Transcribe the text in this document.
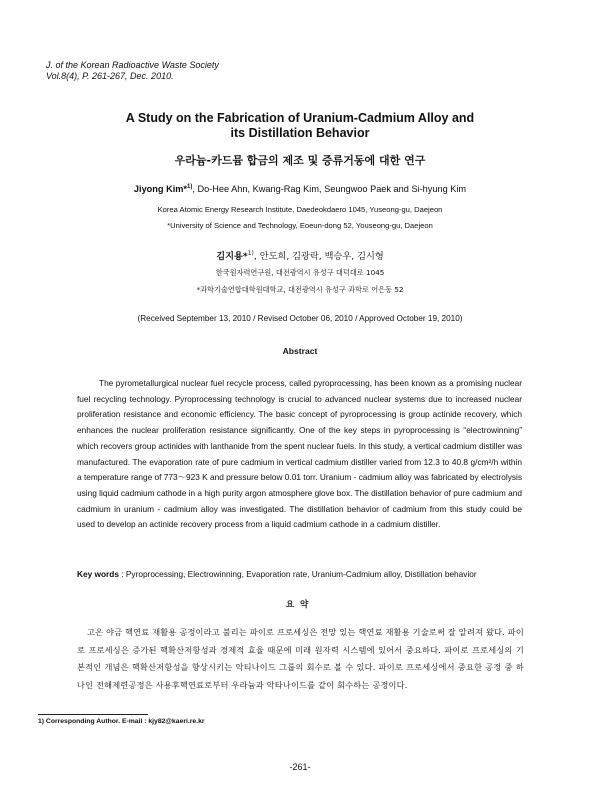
J. of the Korean Radioactive Waste Society
Vol.8(4), P. 261-267, Dec. 2010.
A Study on the Fabrication of Uranium-Cadmium Alloy and
its Distillation Behavior
우라늄-카드뮴 합금의 제조 및 증류거동에 대한 연구
Jiyong Kim*$^{1)}$, Do-Hee Ahn, Kwang-Rag Kim, Seungwoo Paek and Si-hyung Kim
Korea Atomic Energy Research Institute, Daedeokdaero 1045, Yuseong-gu, Daejeon
*University of Science and Technology, Eoeun-dong 52, Youseong-gu, Daejeon
김지용*$^{1)}$, 안도희, 김광락, 백승우, 김시형
한국원자력연구원, 대전광역시 유성구 대덕대로 1045
*과학기술연합대학원대학교, 대전광역시 유성구 과학로 어은동 52
(Received September 13, 2010 / Revised October 06, 2010 / Approved October 19, 2010)
Abstract

The pyrometallurgical nuclear fuel recycle process, called pyroprocessing, has been known as a promising nuclear fuel recycling technology. Pyroprocessing technology is crucial to advanced nuclear systems due to increased nuclear proliferation resistance and economic efficiency. The basic concept of pyroprocessing is group actinide recovery, which enhances the nuclear proliferation resistance significantly. One of the key steps in pyroprocessing is “electrowinning” which recovers group actinides with lanthanide from the spent nuclear fuels. In this study, a vertical cadmium distiller was manufactured. The evaporation rate of pure cadmium in vertical cadmium distiller varied from 12.3 to 40.8 g/cm²/h within a temperature range of 773～923 K and pressure below 0.01 torr. Uranium - cadmium alloy was fabricated by electrolysis using liquid cadmium cathode in a high purity argon atmosphere glove box. The distillation behavior of pure cadmium and cadmium in uranium - cadmium alloy was investigated. The distillation behavior of cadmium from this study could be used to develop an actinide recovery process from a liquid cadmium cathode in a cadmium distiller.

Key words : Pyroprocessing, Electrowinning, Evaporation rate, Uranium-Cadmium alloy, Distillation behavior
요약

고온 야금 핵연료 재활용 공정이라고 불리는 파이로 프로세싱은 전망 있는 핵연료 재활용 기술로써 잘 알려져 왔다. 파이로 프로세싱은 증가된 핵확산저항성과 경제적 효율 때문에 미래 원자력 시스템에 있어서 중요하다. 파이로 프로세싱의 기본적인 개념은 핵확산저항성을 향상시키는 악티나이드 그룹의 회수로 볼 수 있다. 파이로 프로세싱에서 중요한 공정 중 하나인 전해제련공정은 사용후핵연료로부터 우라늄과 악타나이드를 같이 회수하는 공정이다.

1) Corresponding Author. E-mail : kjy82@kaeri.re.kr
-261-
